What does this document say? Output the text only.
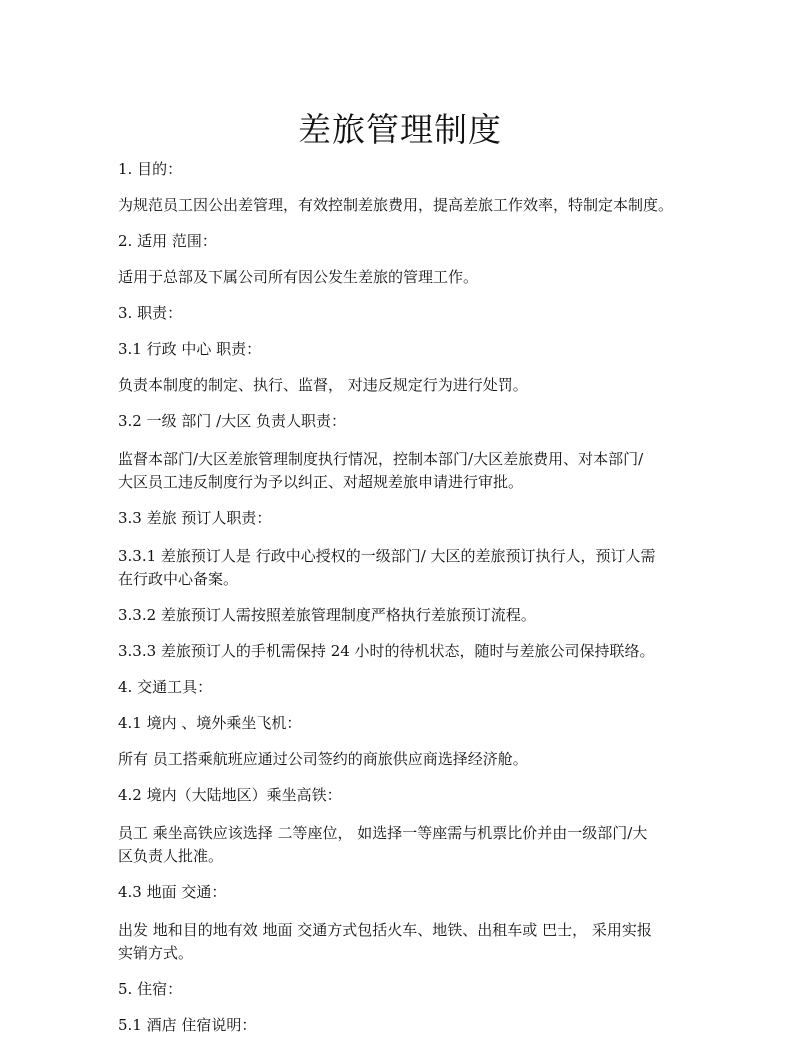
差旅管理制度
1. 目的：
为规范员工因公出差管理，有效控制差旅费用，提高差旅工作效率，特制定本制度。
2. 适用 范围：
适用于总部及下属公司所有因公发生差旅的管理工作。
3. 职责：
3.1 行政 中心 职责：
负责本制度的制定、执行、监督， 对违反规定行为进行处罚。
3.2 一级 部门 /大区 负责人职责：
监督本部门/大区差旅管理制度执行情况，控制本部门/大区差旅费用、对本部门/
大区员工违反制度行为予以纠正、对超规差旅申请进行审批。
3.3 差旅 预订人职责：
3.3.1 差旅预订人是 行政中心授权的一级部门/ 大区的差旅预订执行人，预订人需
在行政中心备案。
3.3.2 差旅预订人需按照差旅管理制度严格执行差旅预订流程。
3.3.3 差旅预订人的手机需保持 24 小时的待机状态，随时与差旅公司保持联络。
4. 交通工具：
4.1 境内 、境外乘坐飞机：
所有 员工搭乘航班应通过公司签约的商旅供应商选择经济舱。
4.2 境内（大陆地区）乘坐高铁：
员工 乘坐高铁应该选择 二等座位， 如选择一等座需与机票比价并由一级部门/大
区负责人批准。
4.3 地面 交通：
出发 地和目的地有效 地面 交通方式包括火车、地铁、出租车或 巴士， 采用实报
实销方式。
5. 住宿：
5.1 酒店 住宿说明：
